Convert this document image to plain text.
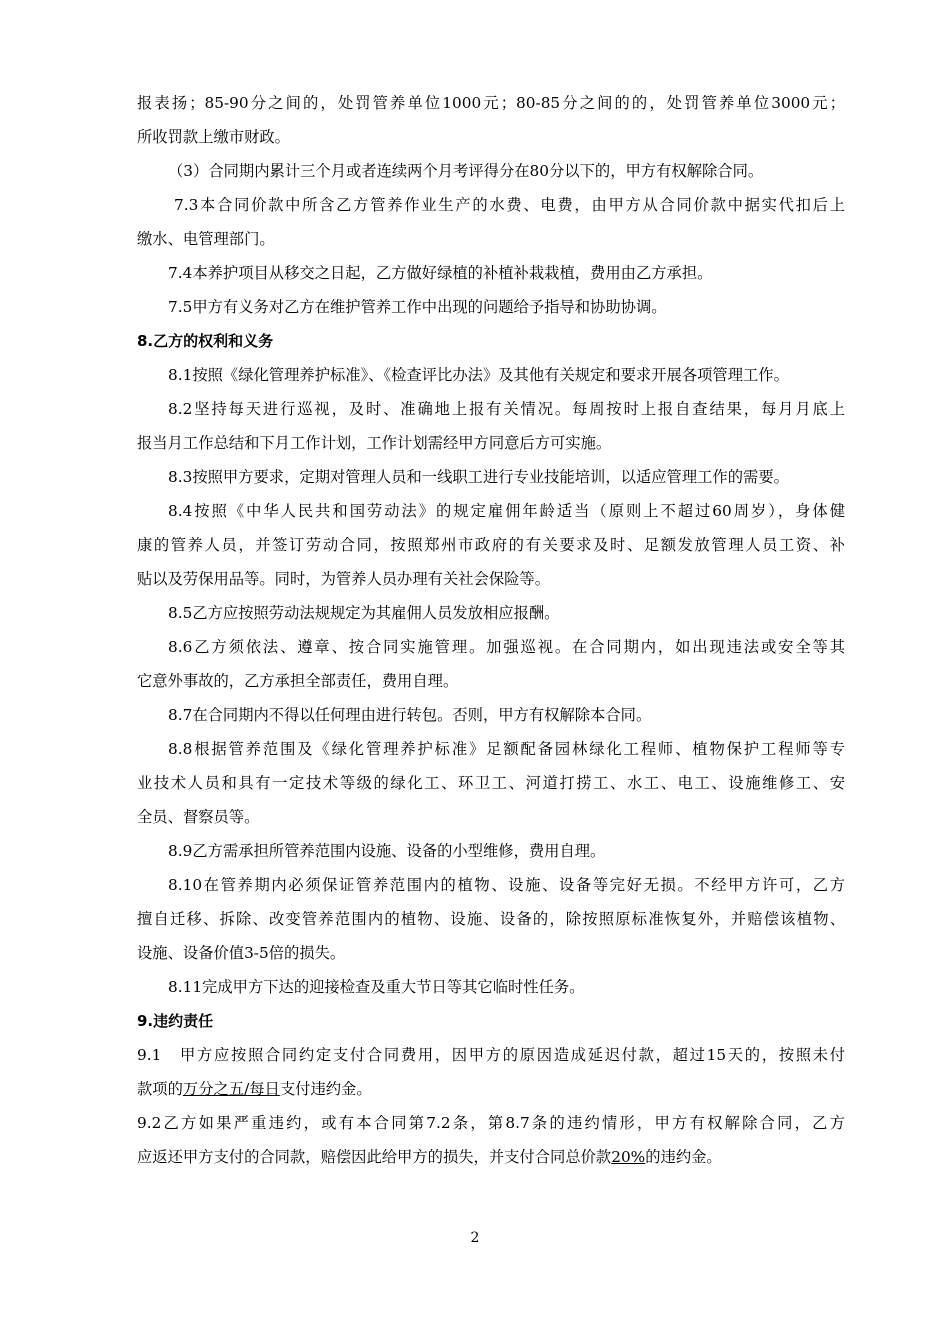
报表扬；85-90分之间的，处罚管养单位1000元；80-85分之间的的，处罚管养单位3000元；
所收罚款上缴市财政。
（3）合同期内累计三个月或者连续两个月考评得分在80分以下的，甲方有权解除合同。
7.3本合同价款中所含乙方管养作业生产的水费、电费，由甲方从合同价款中据实代扣后上
缴水、电管理部门。
7.4本养护项目从移交之日起，乙方做好绿植的补植补栽栽植，费用由乙方承担。
7.5甲方有义务对乙方在维护管养工作中出现的问题给予指导和协助协调。
8.乙方的权利和义务
8.1按照《绿化管理养护标准》、《检查评比办法》及其他有关规定和要求开展各项管理工作。
8.2坚持每天进行巡视，及时、准确地上报有关情况。每周按时上报自查结果，每月月底上
报当月工作总结和下月工作计划，工作计划需经甲方同意后方可实施。
8.3按照甲方要求，定期对管理人员和一线职工进行专业技能培训，以适应管理工作的需要。
8.4按照《中华人民共和国劳动法》的规定雇佣年龄适当（原则上不超过60周岁），身体健
康的管养人员，并签订劳动合同，按照郑州市政府的有关要求及时、足额发放管理人员工资、补
贴以及劳保用品等。同时，为管养人员办理有关社会保险等。
8.5乙方应按照劳动法规规定为其雇佣人员发放相应报酬。
8.6乙方须依法、遵章、按合同实施管理。加强巡视。在合同期内，如出现违法或安全等其
它意外事故的，乙方承担全部责任，费用自理。
8.7在合同期内不得以任何理由进行转包。否则，甲方有权解除本合同。
8.8根据管养范围及《绿化管理养护标准》足额配备园林绿化工程师、植物保护工程师等专
业技术人员和具有一定技术等级的绿化工、环卫工、河道打捞工、水工、电工、设施维修工、安
全员、督察员等。
8.9乙方需承担所管养范围内设施、设备的小型维修，费用自理。
8.10在管养期内必须保证管养范围内的植物、设施、设备等完好无损。不经甲方许可，乙方
擅自迁移、拆除、改变管养范围内的植物、设施、设备的，除按照原标准恢复外，并赔偿该植物、
设施、设备价值3-5倍的损失。
8.11完成甲方下达的迎接检查及重大节日等其它临时性任务。
9.违约责任
9.1　甲方应按照合同约定支付合同费用，因甲方的原因造成延迟付款，超过15天的，按照未付
款项的万分之五/每日支付违约金。
9.2乙方如果严重违约，或有本合同第7.2条，第8.7条的违约情形，甲方有权解除合同，乙方
应返还甲方支付的合同款，赔偿因此给甲方的损失，并支付合同总价款20%的违约金。
2
